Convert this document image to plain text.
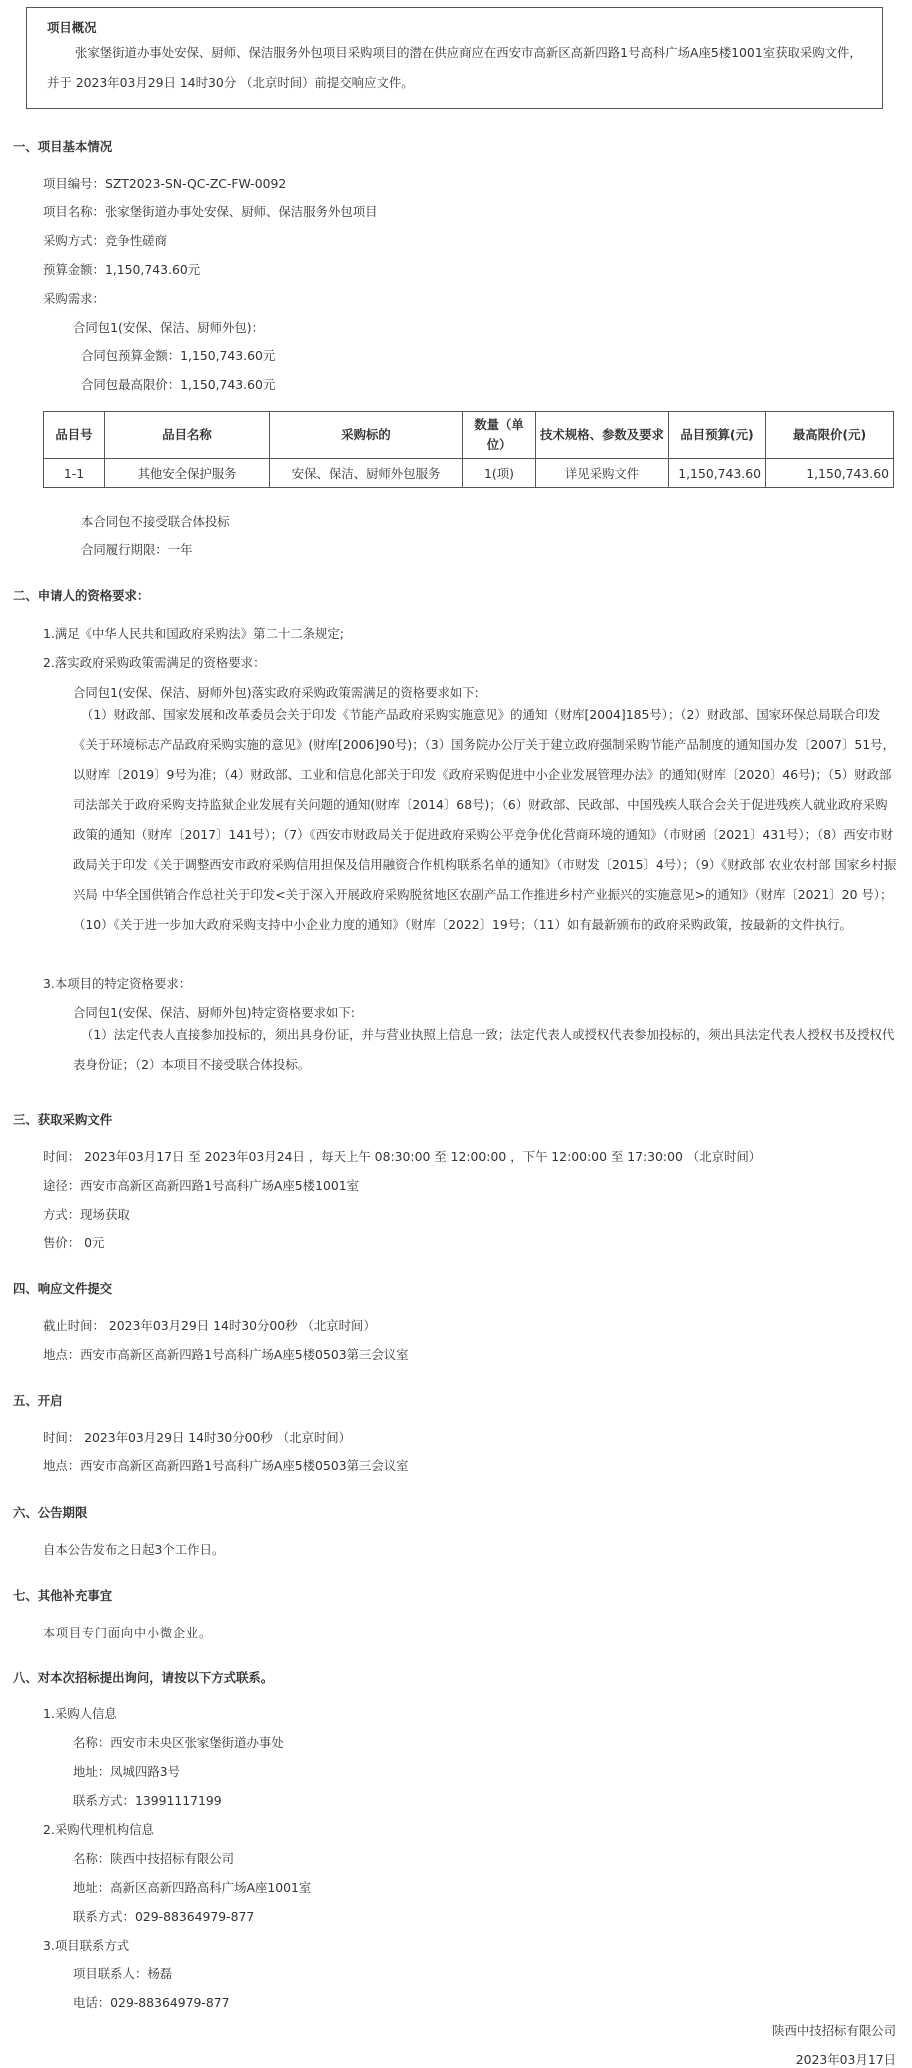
项目概况
张家堡街道办事处安保、厨师、保洁服务外包项目采购项目的潜在供应商应在西安市高新区高新四路1号高科广场A座5楼1001室获取采购文件，并于 2023年03月29日 14时30分 （北京时间）前提交响应文件。
一、项目基本情况
项目编号：SZT2023-SN-QC-ZC-FW-0092
项目名称：张家堡街道办事处安保、厨师、保洁服务外包项目
采购方式：竞争性磋商
预算金额：1,150,743.60元
采购需求：
合同包1(安保、保洁、厨师外包)：
合同包预算金额：1,150,743.60元
合同包最高限价：1,150,743.60元
品目号	品目名称	采购标的	数量（单位）	技术规格、参数及要求	品目预算(元)	最高限价(元)
1-1	其他安全保护服务	安保、保洁、厨师外包服务	1(项)	详见采购文件	1,150,743.60	1,150,743.60
本合同包不接受联合体投标
合同履行期限：一年
二、申请人的资格要求：
1.满足《中华人民共和国政府采购法》第二十二条规定;
2.落实政府采购政策需满足的资格要求：
合同包1(安保、保洁、厨师外包)落实政府采购政策需满足的资格要求如下:
（1）财政部、国家发展和改革委员会关于印发《节能产品政府采购实施意见》的通知（财库[2004]185号）；（2）财政部、国家环保总局联合印发《关于环境标志产品政府采购实施的意见》(财库[2006]90号)；（3）国务院办公厅关于建立政府强制采购节能产品制度的通知国办发〔2007〕51号，以财库〔2019〕9号为准；（4）财政部、工业和信息化部关于印发《政府采购促进中小企业发展管理办法》的通知(财库〔2020〕46号)；（5）财政部 司法部关于政府采购支持监狱企业发展有关问题的通知(财库〔2014〕68号)；（6）财政部、民政部、中国残疾人联合会关于促进残疾人就业政府采购政策的通知（财库〔2017〕141号）；（7）《西安市财政局关于促进政府采购公平竞争优化营商环境的通知》（市财函〔2021〕431号）；（8）西安市财政局关于印发《关于调整西安市政府采购信用担保及信用融资合作机构联系名单的通知》（市财发〔2015〕4号）；（9）《财政部 农业农村部 国家乡村振兴局 中华全国供销合作总社关于印发<关于深入开展政府采购脱贫地区农副产品工作推进乡村产业振兴的实施意见>的通知》（财库〔2021〕20 号）；（10）《关于进一步加大政府采购支持中小企业力度的通知》（财库〔2022〕19号；（11）如有最新颁布的政府采购政策，按最新的文件执行。
3.本项目的特定资格要求：
合同包1(安保、保洁、厨师外包)特定资格要求如下:
（1）法定代表人直接参加投标的，须出具身份证，并与营业执照上信息一致；法定代表人或授权代表参加投标的，须出具法定代表人授权书及授权代表身份证；（2）本项目不接受联合体投标。
三、获取采购文件
时间： 2023年03月17日 至 2023年03月24日 ，每天上午 08:30:00 至 12:00:00 ，下午 12:00:00 至 17:30:00 （北京时间）
途径：西安市高新区高新四路1号高科广场A座5楼1001室
方式：现场获取
售价： 0元
四、响应文件提交
截止时间： 2023年03月29日 14时30分00秒 （北京时间）
地点：西安市高新区高新四路1号高科广场A座5楼0503第三会议室
五、开启
时间： 2023年03月29日 14时30分00秒 （北京时间）
地点：西安市高新区高新四路1号高科广场A座5楼0503第三会议室
六、公告期限
自本公告发布之日起3个工作日。
七、其他补充事宜
本项目专门面向中小微企业。
八、对本次招标提出询问，请按以下方式联系。
1.采购人信息
名称：西安市未央区张家堡街道办事处
地址：凤城四路3号
联系方式：13991117199
2.采购代理机构信息
名称：陕西中技招标有限公司
地址：高新区高新四路高科广场A座1001室
联系方式：029-88364979-877
3.项目联系方式
项目联系人：杨磊
电话：029-88364979-877
陕西中技招标有限公司
2023年03月17日
